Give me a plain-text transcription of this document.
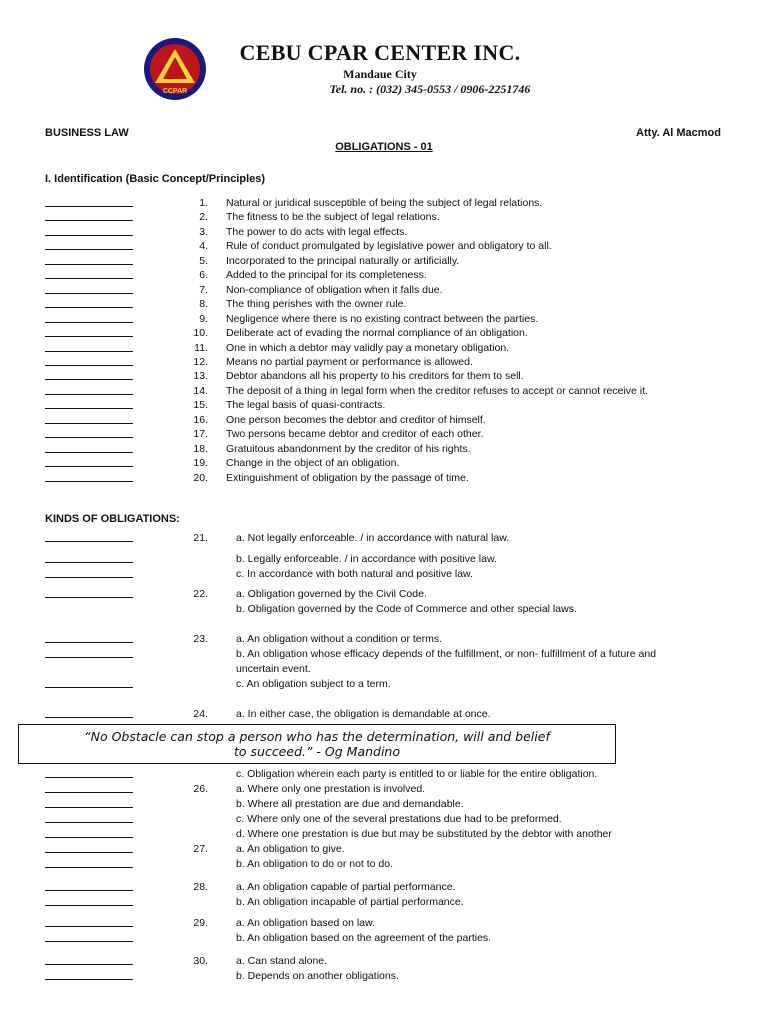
CCPAR
CEBU CPAR CENTER INC.
Mandaue City
Tel. no. : (032) 345-0553 / 0906-2251746
BUSINESS LAW	Atty. Al Macmod
OBLIGATIONS - 01
I. Identification (Basic Concept/Principles)
1. Natural or juridical susceptible of being the subject of legal relations.
2. The fitness to be the subject of legal relations.
3. The power to do acts with legal effects.
4. Rule of conduct promulgated by legislative power and obligatory to all.
5. Incorporated to the principal naturally or artificially.
6. Added to the principal for its completeness.
7. Non-compliance of obligation when it falls due.
8. The thing perishes with the owner rule.
9. Negligence where there is no existing contract between the parties.
10. Deliberate act of evading the normal compliance of an obligation.
11. One in which a debtor may validly pay a monetary obligation.
12. Means no partial payment or performance is allowed.
13. Debtor abandons all his property to his creditors for them to sell.
14. The deposit of a thing in legal form when the creditor refuses to accept or cannot receive it.
15. The legal basis of quasi-contracts.
16. One person becomes the debtor and creditor of himself.
17. Two persons became debtor and creditor of each other.
18. Gratuitous abandonment by the creditor of his rights.
19. Change in the object of an obligation.
20. Extinguishment of obligation by the passage of time.
KINDS OF OBLIGATIONS:
21.	a. Not legally enforceable. / in accordance with natural law.
b. Legally enforceable. / in accordance with positive law.
c. In accordance with both natural and positive law.
22.	a. Obligation governed by the Civil Code.
b. Obligation governed by the Code of Commerce and other special laws.
23.	a. An obligation without a condition or terms.
b. An obligation whose efficacy depends of the fulfillment, or non- fulfillment of a future and
uncertain event.
c. An obligation subject to a term.
24.	a. In either case, the obligation is demandable at once.
c. Obligation wherein each party is entitled to or liable for the entire obligation.
26.	a. Where only one prestation is involved.
b. Where all prestation are due and demandable.
c. Where only one of the several prestations due had to be preformed.
d. Where one prestation is due but may be substituted by the debtor with another
27.	a. An obligation to give.
b. An obligation to do or not to do.
28.	a. An obligation capable of partial performance.
b. An obligation incapable of partial performance.
29.	a. An obligation based on law.
b. An obligation based on the agreement of the parties.
30.	a. Can stand alone.
b. Depends on another obligations.
“No Obstacle can stop a person who has the determination, will and belief
to succeed.” - Og Mandino
